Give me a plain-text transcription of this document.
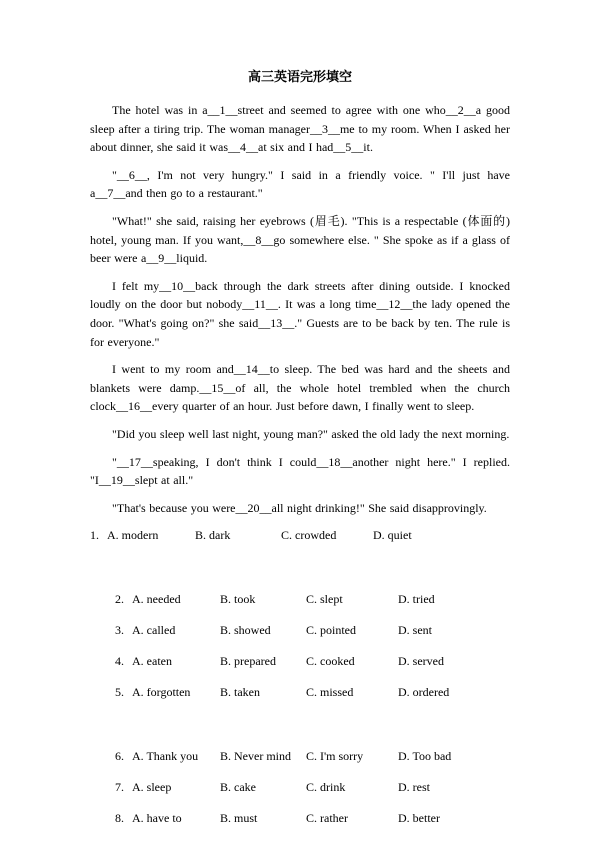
高三英语完形填空

The hotel was in a__1__street and seemed to agree with one who__2__a good sleep after a tiring trip. The woman manager__3__me to my room. When I asked her about dinner, she said it was__4__at six and I had__5__it.

"__6__, I'm not very hungry." I said in a friendly voice. " I'll just have a__7__and then go to a restaurant."

"What!" she said, raising her eyebrows (眉毛). "This is a respectable (体面的) hotel, young man. If you want,__8__go somewhere else. " She spoke as if a glass of beer were a__9__liquid.

I felt my__10__back through the dark streets after dining outside. I knocked loudly on the door but nobody__11__. It was a long time__12__the lady opened the door. "What's going on?" she said__13__." Guests are to be back by ten. The rule is for everyone."

I went to my room and__14__to sleep. The bed was hard and the sheets and blankets were damp.__15__of all, the whole hotel trembled when the church clock__16__every quarter of an hour. Just before dawn, I finally went to sleep.

"Did you sleep well last night, young man?" asked the old lady the next morning.

"__17__speaking, I don't think I could__18__another night here." I replied. "I__19__slept at all."

"That's because you were__20__all night drinking!" She said disapprovingly.

1. A. modern	B. dark	C. crowded	D. quiet
2. A. needed	B. took	C. slept	D. tried
3. A. called	B. showed	C. pointed	D. sent
4. A. eaten	B. prepared	C. cooked	D. served
5. A. forgotten	B. taken	C. missed	D. ordered
6. A. Thank you	B. Never mind	C. I'm sorry	D. Too bad
7. A. sleep	B. cake	C. drink	D. rest
8. A. have to	B. must	C. rather	D. better
